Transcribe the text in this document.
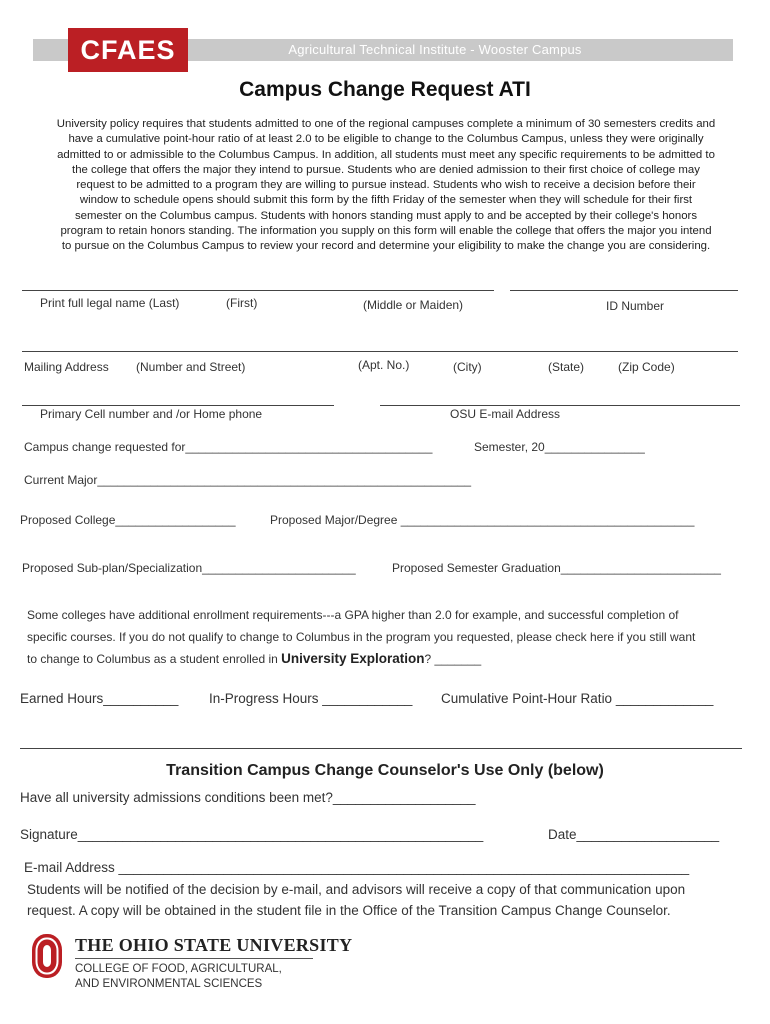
Agricultural Technical Institute - Wooster Campus
CFAES
Campus Change Request ATI
University policy requires that students admitted to one of the regional campuses complete a minimum of 30 semesters credits and
have a cumulative point-hour ratio of at least 2.0 to be eligible to change to the Columbus Campus, unless they were originally
admitted to or admissible to the Columbus Campus. In addition, all students must meet any specific requirements to be admitted to
the college that offers the major they intend to pursue. Students who are denied admission to their first choice of college may
request to be admitted to a program they are willing to pursue instead. Students who wish to receive a decision before their
window to schedule opens should submit this form by the fifth Friday of the semester when they will schedule for their first
semester on the Columbus campus. Students with honors standing must apply to and be accepted by their college's honors
program to retain honors standing. The information you supply on this form will enable the college that offers the major you intend
to pursue on the Columbus Campus to review your record and determine your eligibility to make the change you are considering.
Print full legal name (Last)	(First)	(Middle or Maiden)	ID Number
Mailing Address (Number and Street)	(Apt. No.)	(City)	(State)	(Zip Code)
Primary Cell number and /or Home phone	OSU E-mail Address
Campus change requested for_____________________________________	Semester, 20_______________
Current Major________________________________________________________
Proposed College__________________	Proposed Major/Degree ____________________________________________
Proposed Sub-plan/Specialization_______________________	Proposed Semester Graduation________________________
Some colleges have additional enrollment requirements---a GPA higher than 2.0 for example, and successful completion of
specific courses. If you do not qualify to change to Columbus in the program you requested, please check here if you still want
to change to Columbus as a student enrolled in University Exploration? _______
Earned Hours__________ In-Progress Hours ____________ Cumulative Point-Hour Ratio _____________
Transition Campus Change Counselor's Use Only (below)
Have all university admissions conditions been met?___________________
Signature______________________________________________________	Date___________________
E-mail Address ____________________________________________________________________________
Students will be notified of the decision by e-mail, and advisors will receive a copy of that communication upon
request. A copy will be obtained in the student file in the Office of the Transition Campus Change Counselor.
THE OHIO STATE UNIVERSITY
COLLEGE OF FOOD, AGRICULTURAL,
AND ENVIRONMENTAL SCIENCES
